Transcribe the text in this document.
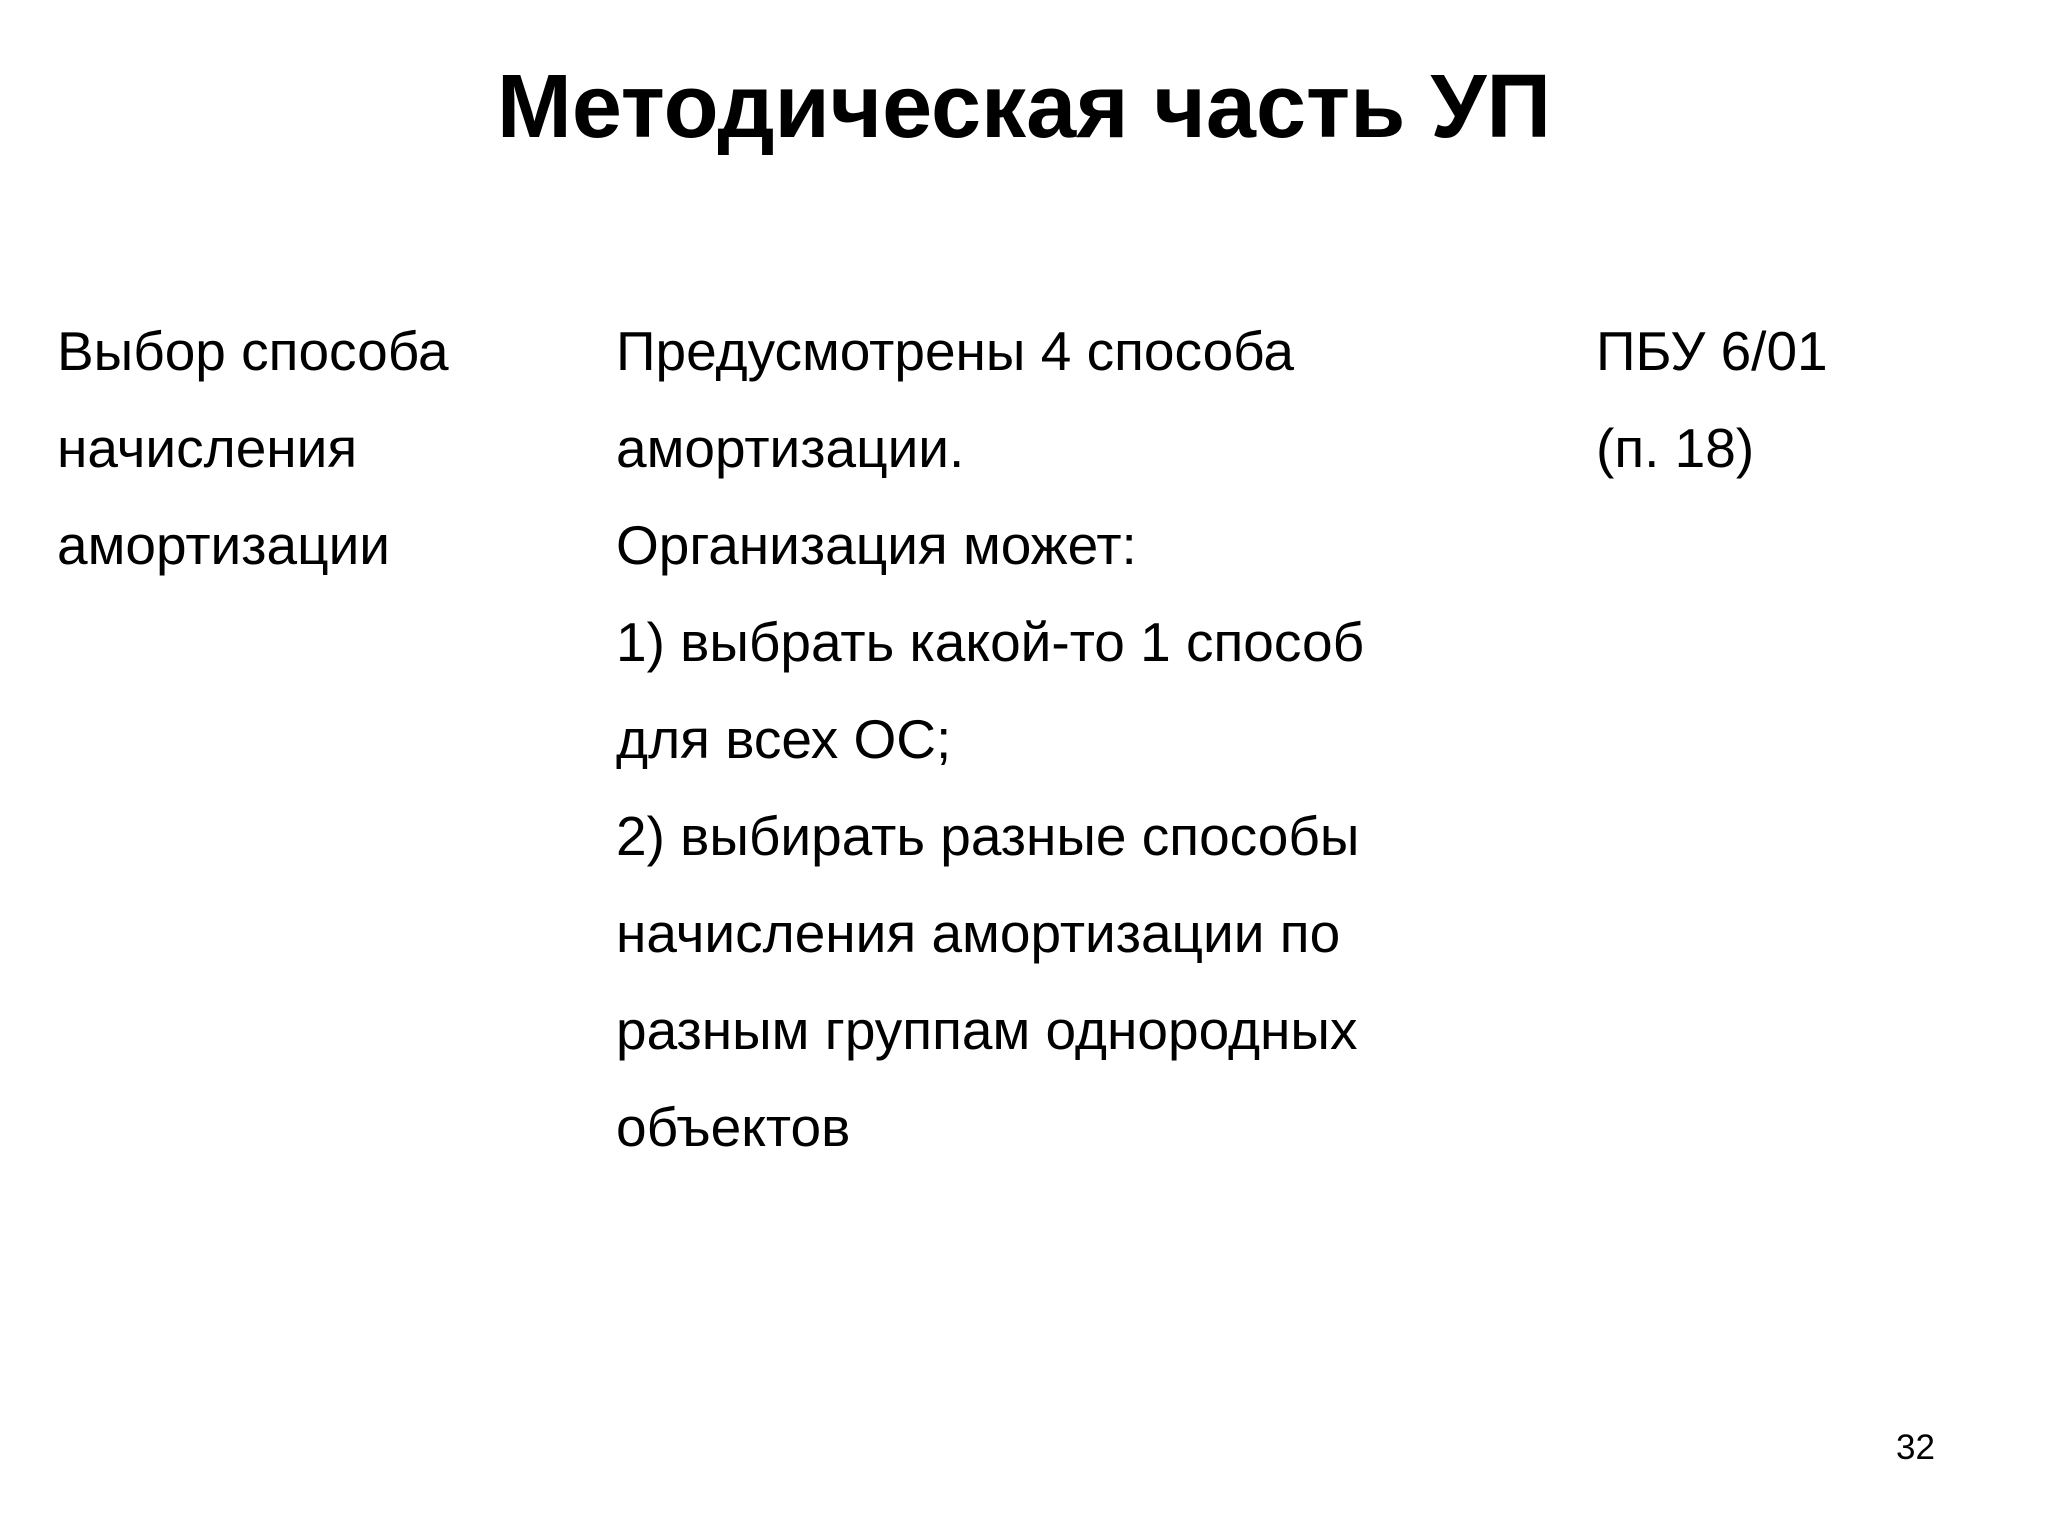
Методическая часть УП
Выбор способа
начисления
амортизации
Предусмотрены 4 способа
амортизации.
Организация может:
1) выбрать какой-то 1 способ
для всех ОС;
2) выбирать разные способы
начисления амортизации по
разным группам однородных
объектов
ПБУ 6/01
(п. 18)
32
